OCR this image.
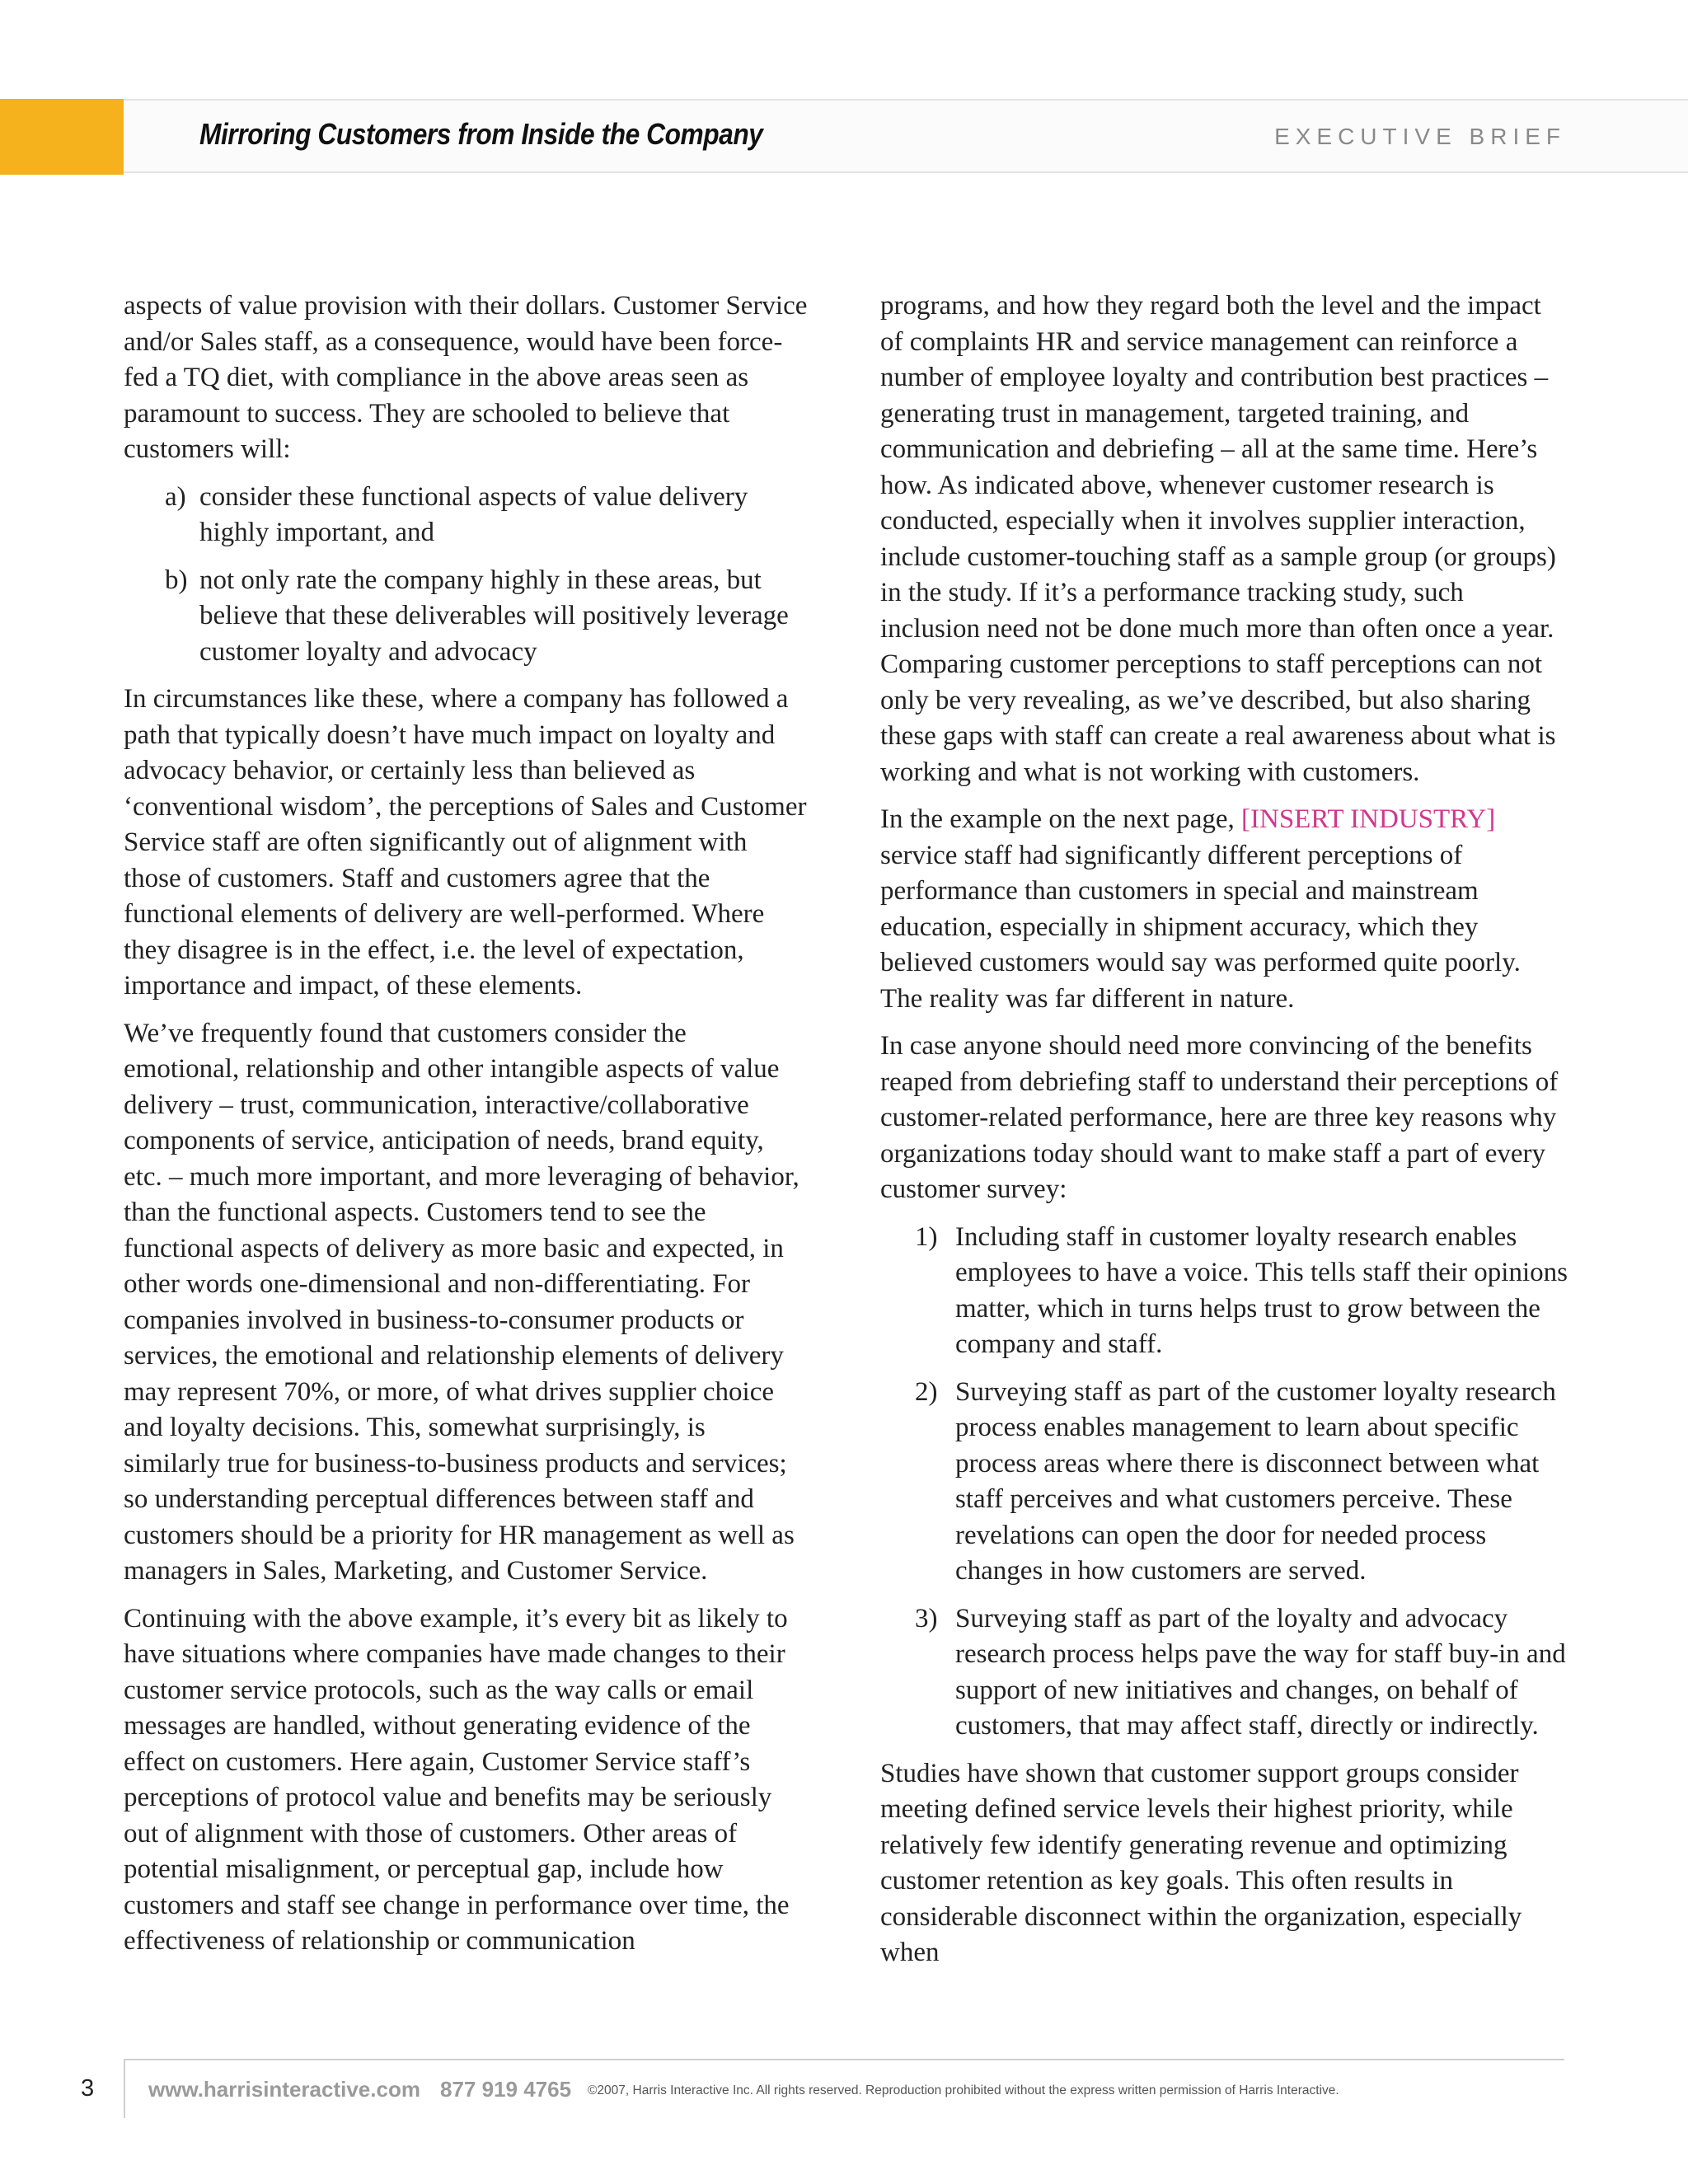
Mirroring Customers from Inside the Company	EXECUTIVE BRIEF

aspects of value provision with their dollars. Customer Service and/or Sales staff, as a consequence, would have been force-fed a TQ diet, with compliance in the above areas seen as paramount to success. They are schooled to believe that customers will:

a) consider these functional aspects of value delivery highly important, and
b) not only rate the company highly in these areas, but believe that these deliverables will positively leverage customer loyalty and advocacy

In circumstances like these, where a company has followed a path that typically doesn’t have much impact on loyalty and advocacy behavior, or certainly less than believed as ‘conventional wisdom’, the perceptions of Sales and Customer Service staff are often significantly out of alignment with those of customers. Staff and customers agree that the functional elements of delivery are well-performed. Where they disagree is in the effect, i.e. the level of expectation, importance and impact, of these elements.

We’ve frequently found that customers consider the emotional, relationship and other intangible aspects of value delivery – trust, communication, interactive/collaborative components of service, anticipation of needs, brand equity, etc. – much more important, and more leveraging of behavior, than the functional aspects. Customers tend to see the functional aspects of delivery as more basic and expected, in other words one-dimensional and non-differentiating. For companies involved in business-to-consumer products or services, the emotional and relationship elements of delivery may represent 70%, or more, of what drives supplier choice and loyalty decisions. This, somewhat surprisingly, is similarly true for business-to-business products and services; so understanding perceptual differences between staff and customers should be a priority for HR management as well as managers in Sales, Marketing, and Customer Service.

Continuing with the above example, it’s every bit as likely to have situations where companies have made changes to their customer service protocols, such as the way calls or email messages are handled, without generating evidence of the effect on customers. Here again, Customer Service staff’s perceptions of protocol value and benefits may be seriously out of alignment with those of customers. Other areas of potential misalignment, or perceptual gap, include how customers and staff see change in performance over time, the effectiveness of relationship or communication

programs, and how they regard both the level and the impact of complaints HR and service management can reinforce a number of employee loyalty and contribution best practices – generating trust in management, targeted training, and communication and debriefing – all at the same time. Here’s how. As indicated above, whenever customer research is conducted, especially when it involves supplier interaction, include customer-touching staff as a sample group (or groups) in the study. If it’s a performance tracking study, such inclusion need not be done much more than often once a year. Comparing customer perceptions to staff perceptions can not only be very revealing, as we’ve described, but also sharing these gaps with staff can create a real awareness about what is working and what is not working with customers.

In the example on the next page, [INSERT INDUSTRY] service staff had significantly different perceptions of performance than customers in special and mainstream education, especially in shipment accuracy, which they believed customers would say was performed quite poorly. The reality was far different in nature.

In case anyone should need more convincing of the benefits reaped from debriefing staff to understand their perceptions of customer-related performance, here are three key reasons why organizations today should want to make staff a part of every customer survey:

1) Including staff in customer loyalty research enables employees to have a voice. This tells staff their opinions matter, which in turns helps trust to grow between the company and staff.
2) Surveying staff as part of the customer loyalty research process enables management to learn about specific process areas where there is disconnect between what staff perceives and what customers perceive. These revelations can open the door for needed process changes in how customers are served.
3) Surveying staff as part of the loyalty and advocacy research process helps pave the way for staff buy-in and support of new initiatives and changes, on behalf of customers, that may affect staff, directly or indirectly.

Studies have shown that customer support groups consider meeting defined service levels their highest priority, while relatively few identify generating revenue and optimizing customer retention as key goals. This often results in considerable disconnect within the organization, especially when

3	www.harrisinteractive.com 877 919 4765 ©2007, Harris Interactive Inc. All rights reserved. Reproduction prohibited without the express written permission of Harris Interactive.
